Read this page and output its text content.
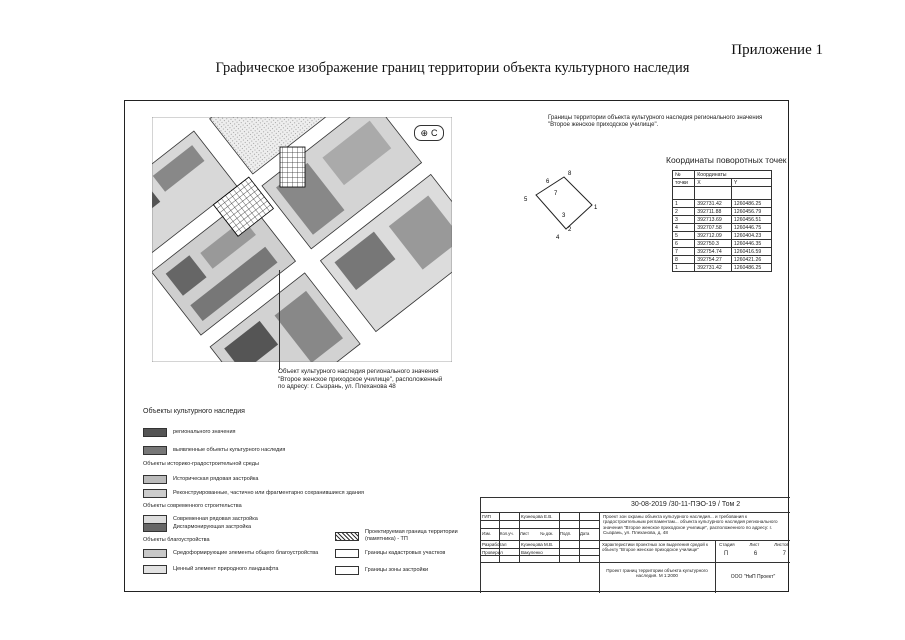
Приложение 1
Графическое изображение границ территории объекта культурного наследия
⊕ С
Объект культурного наследия регионального значения
"Второе женское приходское училище", расположенный
по адресу: г. Сызрань, ул. Плеханова 48
Границы территории объекта культурного наследия регионального значения "Второе женское приходское училище".
1
2
3
4
5
6
7
8
Координаты поворотных точек
№	Координаты	
точки	X	Y

1	392731.42	1260486.25
2	392711.88	1260456.79
3	392713.69	1260456.51
4	392707.58	1260446.75
5	392712.09	1260404.23
6	392750.3	1260446.35
7	392754.74	1260416.59
8	392754.27	1260421.26
1	392731.42	1260486.25
Объекты культурного наследия
регионального значения
выявленные объекты культурного наследия
Объекты историко-градостроительной среды
Историческая рядовая застройка
Реконструированные, частично или фрагментарно сохранившиеся здания
Объекты современного строительства
Современная рядовая застройка
Дисгармонирующая застройка
Объекты благоустройства
Средоформирующие элементы общего благоустройства
Ценный элемент природного ландшафта
Проектируемая граница территории (памятника) - ТП
Границы кадастровых участков
Границы зоны застройки
30-08-2019 /30-11-ПЭО-19 / Том 2
Проект зон охраны объекта культурного наследия... и требования к градостроительным регламентам... объекта культурного наследия регионального значения "Второе женское приходское училище", расположенного по адресу: г. Сызрань, ул. Плеханова, д. 48
Изм.	Кол.уч.	Лист	№ док.	Подп.	Дата
ГИП	Кузнецова Е.В.
Разработал	Кузнецова М.В.
Проверил	Вакуленко
Характеристики проектных зон выделения средой к объекту "Второе женское приходское училище"
Стадия	Лист	Листов
П	6	7
Проект границ территории объекта культурного наследия. М 1:2000	ООО "НиП Проект"
